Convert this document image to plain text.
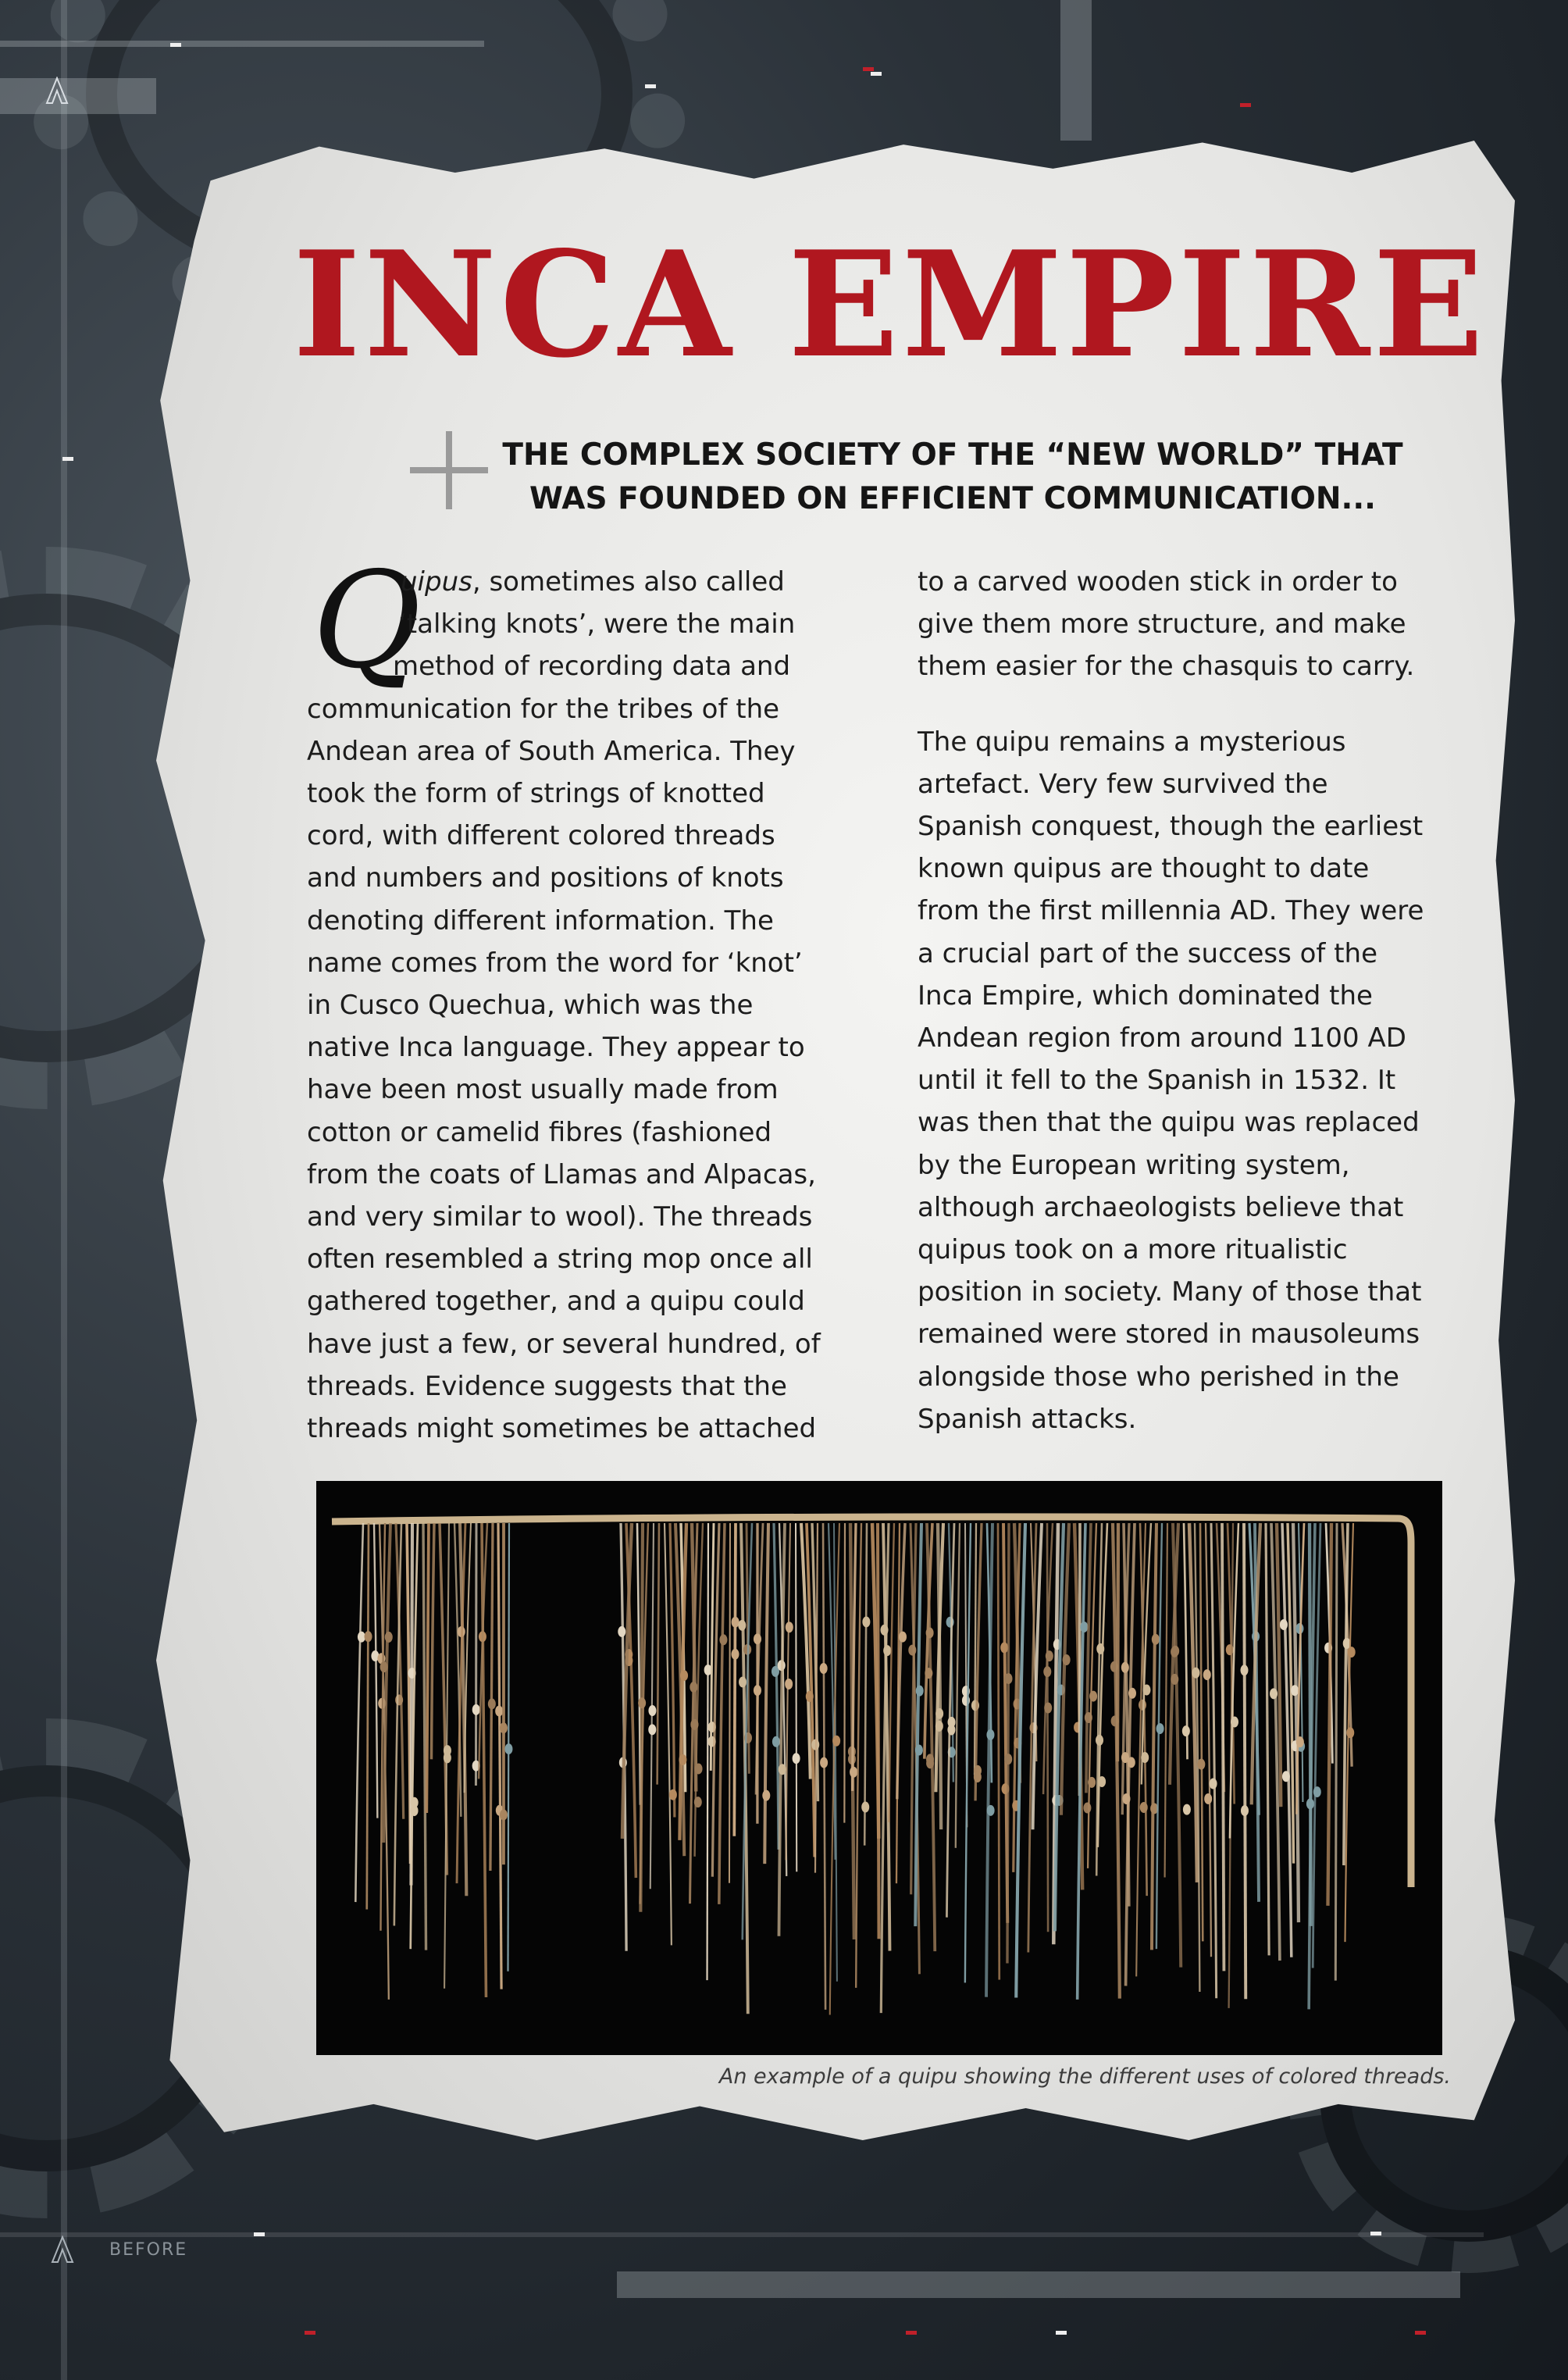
INCA EMPIRE
THE COMPLEX SOCIETY OF THE “NEW WORLD” THAT
WAS FOUNDED ON EFFICIENT COMMUNICATION...
Q

uipus, sometimes also called
‘talking knots’, were the main
method of recording data and
communication for the tribes of the
Andean area of South America. They
took the form of strings of knotted
cord, with different colored threads
and numbers and positions of knots
denoting different information. The
name comes from the word for ‘knot’
in Cusco Quechua, which was the
native Inca language. They appear to
have been most usually made from
cotton or camelid fibres (fashioned
from the coats of Llamas and Alpacas,
and very similar to wool). The threads
often resembled a string mop once all
gathered together, and a quipu could
have just a few, or several hundred, of
threads. Evidence suggests that the
threads might sometimes be attached

to a carved wooden stick in order to
give them more structure, and make
them easier for the chasquis to carry.

The quipu remains a mysterious
artefact. Very few survived the
Spanish conquest, though the earliest
known quipus are thought to date
from the first millennia AD. They were
a crucial part of the success of the
Inca Empire, which dominated the
Andean region from around 1100 AD
until it fell to the Spanish in 1532. It
was then that the quipu was replaced
by the European writing system,
although archaeologists believe that
quipus took on a more ritualistic
position in society. Many of those that
remained were stored in mausoleums
alongside those who perished in the
Spanish attacks.

An example of a quipu showing the different uses of colored threads.

BEFORE
